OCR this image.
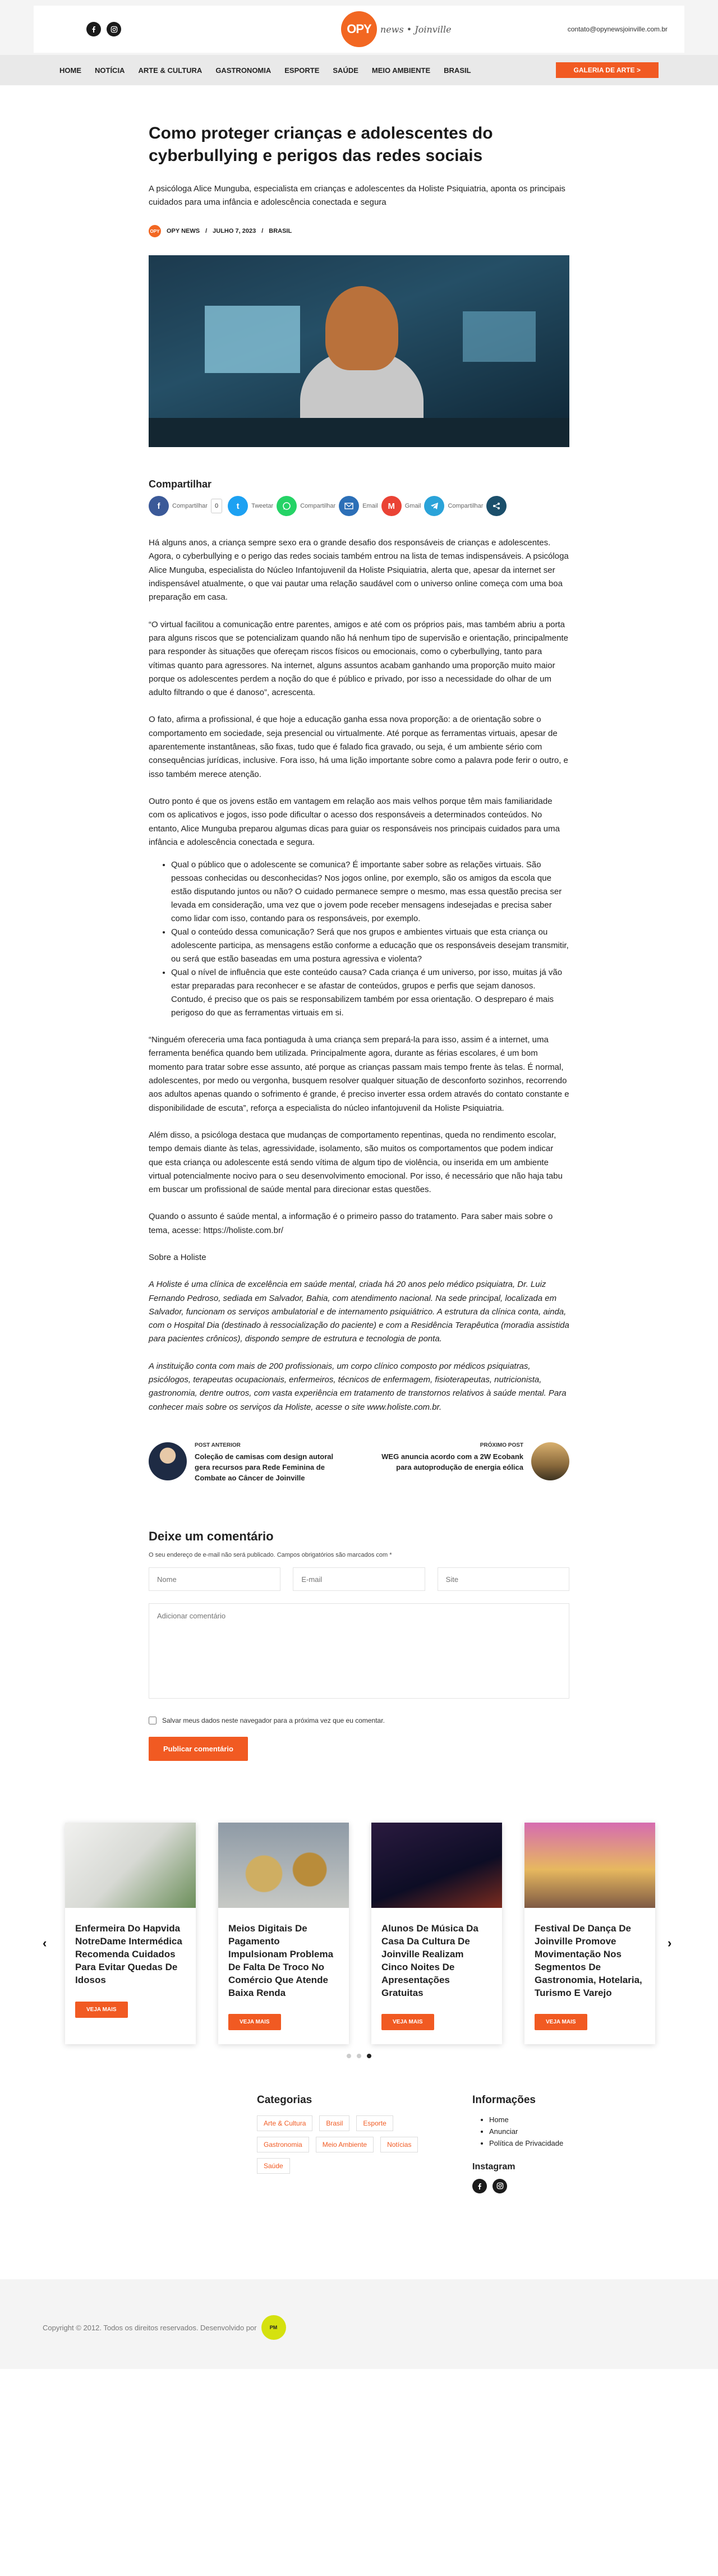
OPY	news • Joinville	contato@opynewsjoinville.com.br
HOME NOTÍCIA ARTE & CULTURA GASTRONOMIA ESPORTE SAÚDE MEIO AMBIENTE BRASIL	GALERIA DE ARTE >
Como proteger crianças e adolescentes do cyberbullying e perigos das redes sociais

A psicóloga Alice Munguba, especialista em crianças e adolescentes da Holiste Psiquiatria, aponta os principais cuidados para uma infância e adolescência conectada e segura

OPY OPY NEWS / JULHO 7, 2023 / BRASIL
Compartilhar
f	Compartilhar	0	t	Tweetar	Compartilhar	Email	M	Gmail	Compartilhar

Há alguns anos, a criança sempre sexo era o grande desafio dos responsáveis de crianças e adolescentes. Agora, o cyberbullying e o perigo das redes sociais também entrou na lista de temas indispensáveis. A psicóloga Alice Munguba, especialista do Núcleo Infantojuvenil da Holiste Psiquiatria, alerta que, apesar da internet ser indispensável atualmente, o que vai pautar uma relação saudável com o universo online começa com uma boa preparação em casa.

“O virtual facilitou a comunicação entre parentes, amigos e até com os próprios pais, mas também abriu a porta para alguns riscos que se potencializam quando não há nenhum tipo de supervisão e orientação, principalmente para responder às situações que ofereçam riscos físicos ou emocionais, como o cyberbullying, tanto para vítimas quanto para agressores. Na internet, alguns assuntos acabam ganhando uma proporção muito maior porque os adolescentes perdem a noção do que é público e privado, por isso a necessidade do olhar de um adulto filtrando o que é danoso”, acrescenta.

O fato, afirma a profissional, é que hoje a educação ganha essa nova proporção: a de orientação sobre o comportamento em sociedade, seja presencial ou virtualmente. Até porque as ferramentas virtuais, apesar de aparentemente instantâneas, são fixas, tudo que é falado fica gravado, ou seja, é um ambiente sério com consequências jurídicas, inclusive. Fora isso, há uma lição importante sobre como a palavra pode ferir o outro, e isso também merece atenção.

Outro ponto é que os jovens estão em vantagem em relação aos mais velhos porque têm mais familiaridade com os aplicativos e jogos, isso pode dificultar o acesso dos responsáveis a determinados conteúdos. No entanto, Alice Munguba preparou algumas dicas para guiar os responsáveis nos principais cuidados para uma infância e adolescência conectada e segura.

• Qual o público que o adolescente se comunica? É importante saber sobre as relações virtuais. São pessoas conhecidas ou desconhecidas? Nos jogos online, por exemplo, são os amigos da escola que estão disputando juntos ou não? O cuidado permanece sempre o mesmo, mas essa questão precisa ser levada em consideração, uma vez que o jovem pode receber mensagens indesejadas e precisa saber como lidar com isso, contando para os responsáveis, por exemplo.
• Qual o conteúdo dessa comunicação? Será que nos grupos e ambientes virtuais que esta criança ou adolescente participa, as mensagens estão conforme a educação que os responsáveis desejam transmitir, ou será que estão baseadas em uma postura agressiva e violenta?
• Qual o nível de influência que este conteúdo causa? Cada criança é um universo, por isso, muitas já vão estar preparadas para reconhecer e se afastar de conteúdos, grupos e perfis que sejam danosos. Contudo, é preciso que os pais se responsabilizem também por essa orientação. O despreparo é mais perigoso do que as ferramentas virtuais em si.

“Ninguém ofereceria uma faca pontiaguda à uma criança sem prepará-la para isso, assim é a internet, uma ferramenta benéfica quando bem utilizada. Principalmente agora, durante as férias escolares, é um bom momento para tratar sobre esse assunto, até porque as crianças passam mais tempo frente às telas. É normal, adolescentes, por medo ou vergonha, busquem resolver qualquer situação de desconforto sozinhos, recorrendo aos adultos apenas quando o sofrimento é grande, é preciso inverter essa ordem através do contato constante e disponibilidade de escuta”, reforça a especialista do núcleo infantojuvenil da Holiste Psiquiatria.

Além disso, a psicóloga destaca que mudanças de comportamento repentinas, queda no rendimento escolar, tempo demais diante às telas, agressividade, isolamento, são muitos os comportamentos que podem indicar que esta criança ou adolescente está sendo vítima de algum tipo de violência, ou inserida em um ambiente virtual potencialmente nocivo para o seu desenvolvimento emocional. Por isso, é necessário que não haja tabu em buscar um profissional de saúde mental para direcionar estas questões.

Quando o assunto é saúde mental, a informação é o primeiro passo do tratamento. Para saber mais sobre o tema, acesse: https://holiste.com.br/

Sobre a Holiste

A Holiste é uma clínica de excelência em saúde mental, criada há 20 anos pelo médico psiquiatra, Dr. Luiz Fernando Pedroso, sediada em Salvador, Bahia, com atendimento nacional. Na sede principal, localizada em Salvador, funcionam os serviços ambulatorial e de internamento psiquiátrico. A estrutura da clínica conta, ainda, com o Hospital Dia (destinado à ressocialização do paciente) e com a Residência Terapêutica (moradia assistida para pacientes crônicos), dispondo sempre de estrutura e tecnologia de ponta.

A instituição conta com mais de 200 profissionais, um corpo clínico composto por médicos psiquiatras, psicólogos, terapeutas ocupacionais, enfermeiros, técnicos de enfermagem, fisioterapeutas, nutricionista, gastronomia, dentre outros, com vasta experiência em tratamento de transtornos relativos à saúde mental. Para conhecer mais sobre os serviços da Holiste, acesse o site www.holiste.com.br.

POST ANTERIOR
Coleção de camisas com design autoral gera recursos para Rede Feminina de Combate ao Câncer de Joinville
PRÓXIMO POST
WEG anuncia acordo com a 2W Ecobank para autoprodução de energia eólica
Deixe um comentário

O seu endereço de e-mail não será publicado. Campos obrigatórios são marcados com *

Nome
E-mail
Site
Adicionar comentário
Salvar meus dados neste navegador para a próxima vez que eu comentar.
Publicar comentário
‹
Enfermeira Do Hapvida NotreDame Intermédica Recomenda Cuidados Para Evitar Quedas De Idosos
VEJA MAIS
Meios Digitais De Pagamento Impulsionam Problema De Falta De Troco No Comércio Que Atende Baixa Renda
VEJA MAIS
Alunos De Música Da Casa Da Cultura De Joinville Realizam Cinco Noites De Apresentações Gratuitas
VEJA MAIS
Festival De Dança De Joinville Promove Movimentação Nos Segmentos De Gastronomia, Hotelaria, Turismo E Varejo
VEJA MAIS
›
Categorias
Arte & Cultura	Brasil	Esporte
Gastronomia	Meio Ambiente	Notícias
Saúde
Informações
• Home
• Anunciar
• Política de Privacidade
Instagram
Copyright © 2012. Todos os direitos reservados. Desenvolvido por	PM
